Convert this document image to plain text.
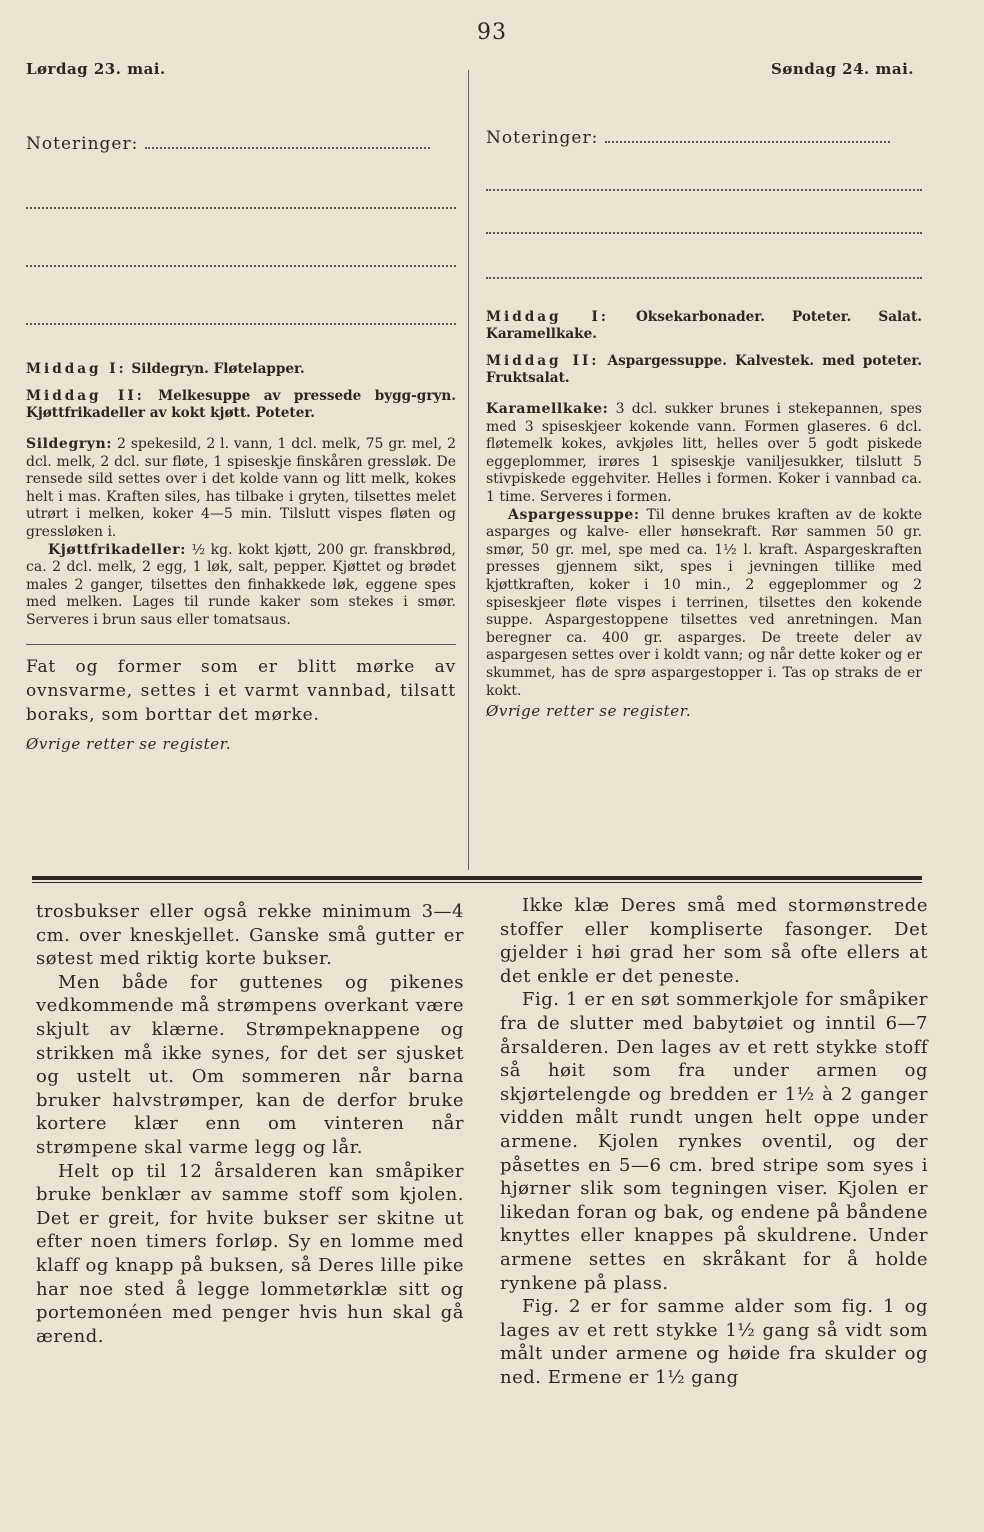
93
Lørdag 23. mai.
Noteringer:
Middag I: Sildegryn. Fløtelapper.
Middag II: Melkesuppe av pressede bygg-gryn. Kjøttfrikadeller av kokt kjøtt. Poteter.
Sildegryn: 2 spekesild, 2 l. vann, 1 dcl. melk, 75 gr. mel, 2 dcl. melk, 2 dcl. sur fløte, 1 spiseskje finskåren gressløk. De rensede sild settes over i det kolde vann og litt melk, kokes helt i mas. Kraften siles, has tilbake i gryten, tilsettes melet utrørt i melken, koker 4—5 min. Tilslutt vispes fløten og gressløken i.
Kjøttfrikadeller: ½ kg. kokt kjøtt, 200 gr. franskbrød, ca. 2 dcl. melk, 2 egg, 1 løk, salt, pepper. Kjøttet og brødet males 2 ganger, tilsettes den finhakkede løk, eggene spes med melken. Lages til runde kaker som stekes i smør. Serveres i brun saus eller tomatsaus.
Fat og former som er blitt mørke av ovnsvarme, settes i et varmt vannbad, tilsatt boraks, som borttar det mørke.
Øvrige retter se register.
Søndag 24. mai.
Noteringer:
Middag I: Oksekarbonader. Poteter. Salat. Karamellkake.
Middag II: Aspargessuppe. Kalvestek. med poteter. Fruktsalat.
Karamellkake: 3 dcl. sukker brunes i stekepannen, spes med 3 spiseskjeer kokende vann. Formen glaseres. 6 dcl. fløtemelk kokes, avkjøles litt, helles over 5 godt piskede eggeplommer, irøres 1 spiseskje vaniljesukker, tilslutt 5 stivpiskede eggehviter. Helles i formen. Koker i vannbad ca. 1 time. Serveres i formen.
Aspargessuppe: Til denne brukes kraften av de kokte asparges og kalve- eller hønsekraft. Rør sammen 50 gr. smør, 50 gr. mel, spe med ca. 1½ l. kraft. Aspargeskraften presses gjennem sikt, spes i jevningen tillike med kjøttkraften, koker i 10 min., 2 eggeplommer og 2 spiseskjeer fløte vispes i terrinen, tilsettes den kokende suppe. Aspargestoppene tilsettes ved anretningen. Man beregner ca. 400 gr. asparges. De treete deler av aspargesen settes over i koldt vann; og når dette koker og er skummet, has de sprø aspargestopper i. Tas op straks de er kokt.
Øvrige retter se register.

trosbukser eller også rekke minimum 3—4 cm. over kneskjellet. Ganske små gutter er søtest med riktig korte bukser.

Men både for guttenes og pikenes vedkommende må strømpens overkant være skjult av klærne. Strømpeknappene og strikken må ikke synes, for det ser sjusket og ustelt ut. Om sommeren når barna bruker halvstrømper, kan de derfor bruke kortere klær enn om vinteren når strømpene skal varme legg og lår.

Helt op til 12 årsalderen kan småpiker bruke benklær av samme stoff som kjolen. Det er greit, for hvite bukser ser skitne ut efter noen timers forløp. Sy en lomme med klaff og knapp på buksen, så Deres lille pike har noe sted å legge lommetørklæ sitt og portemonéen med penger hvis hun skal gå ærend.

Ikke klæ Deres små med stormønstrede stoffer eller kompliserte fasonger. Det gjelder i høi grad her som så ofte ellers at det enkle er det peneste.

Fig. 1 er en søt sommerkjole for småpiker fra de slutter med babytøiet og inntil 6—7 årsalderen. Den lages av et rett stykke stoff så høit som fra under armen og skjørtelengde og bredden er 1½ à 2 ganger vidden målt rundt ungen helt oppe under armene. Kjolen rynkes oventil, og der påsettes en 5—6 cm. bred stripe som syes i hjørner slik som tegningen viser. Kjolen er likedan foran og bak, og endene på båndene knyttes eller knappes på skuldrene. Under armene settes en skråkant for å holde rynkene på plass.

Fig. 2 er for samme alder som fig. 1 og lages av et rett stykke 1½ gang så vidt som målt under armene og høide fra skulder og ned. Ermene er 1½ gang
